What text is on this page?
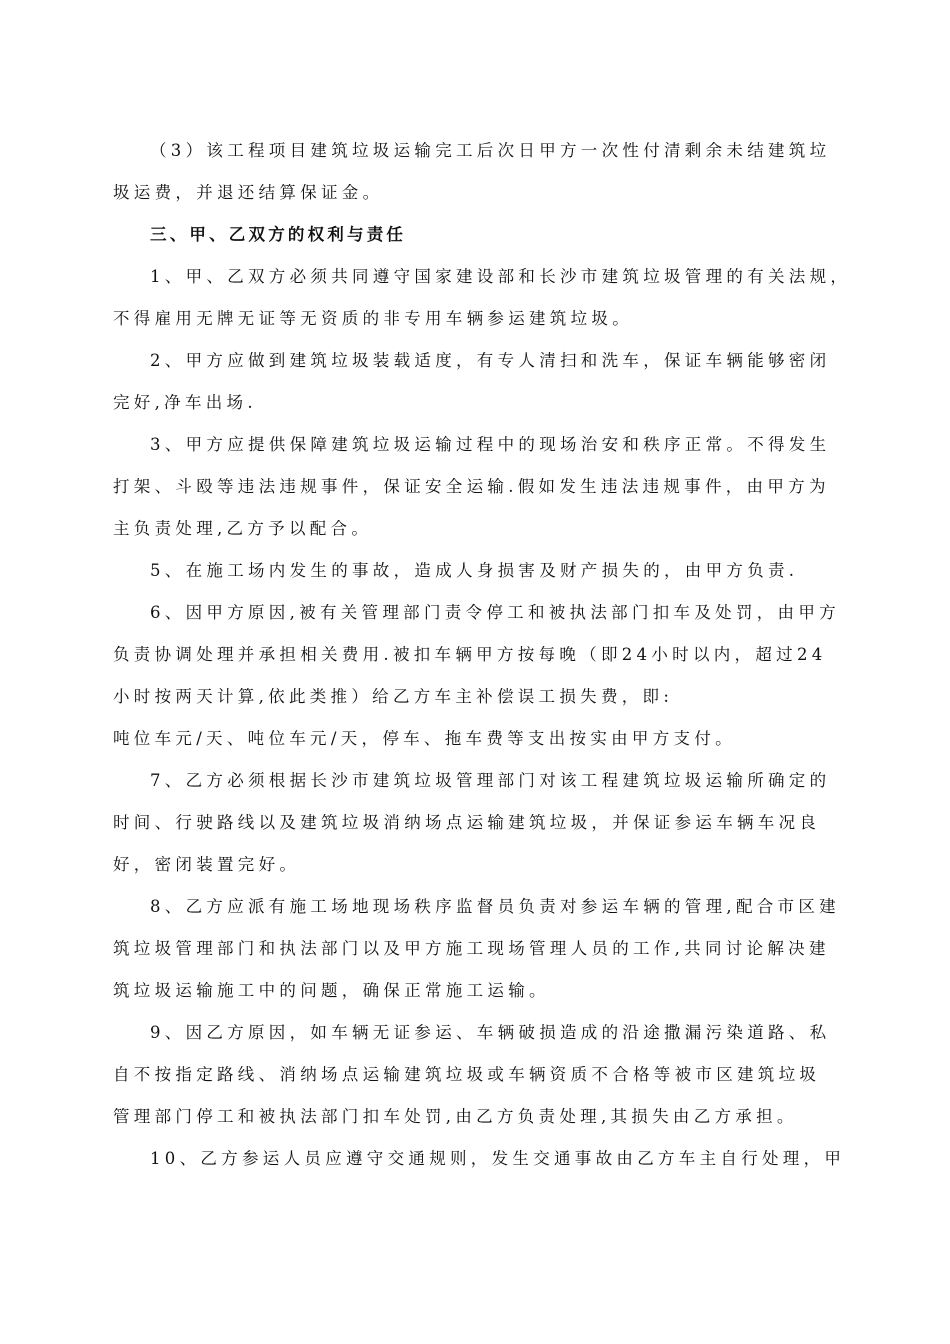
（3）该工程项目建筑垃圾运输完工后次日甲方一次性付清剩余未结建筑垃
圾运费，并退还结算保证金。
三、甲、乙双方的权利与责任
1、甲、乙双方必须共同遵守国家建设部和长沙市建筑垃圾管理的有关法规，
不得雇用无牌无证等无资质的非专用车辆参运建筑垃圾。
2、甲方应做到建筑垃圾装载适度，有专人清扫和洗车，保证车辆能够密闭
完好,净车出场.
3、甲方应提供保障建筑垃圾运输过程中的现场治安和秩序正常。不得发生
打架、斗殴等违法违规事件，保证安全运输.假如发生违法违规事件，由甲方为
主负责处理,乙方予以配合。
5、在施工场内发生的事故，造成人身损害及财产损失的，由甲方负责.
6、因甲方原因,被有关管理部门责令停工和被执法部门扣车及处罚，由甲方
负责协调处理并承担相关费用.被扣车辆甲方按每晚（即24小时以内，超过24
小时按两天计算,依此类推）给乙方车主补偿误工损失费，即:
吨位车元/天、吨位车元/天，停车、拖车费等支出按实由甲方支付。
7、乙方必须根据长沙市建筑垃圾管理部门对该工程建筑垃圾运输所确定的
时间、行驶路线以及建筑垃圾消纳场点运输建筑垃圾，并保证参运车辆车况良
好，密闭装置完好。
8、乙方应派有施工场地现场秩序监督员负责对参运车辆的管理,配合市区建
筑垃圾管理部门和执法部门以及甲方施工现场管理人员的工作,共同讨论解决建
筑垃圾运输施工中的问题，确保正常施工运输。
9、因乙方原因，如车辆无证参运、车辆破损造成的沿途撒漏污染道路、私
自不按指定路线、消纳场点运输建筑垃圾或车辆资质不合格等被市区建筑垃圾
管理部门停工和被执法部门扣车处罚,由乙方负责处理,其损失由乙方承担。
10、乙方参运人员应遵守交通规则，发生交通事故由乙方车主自行处理，甲
